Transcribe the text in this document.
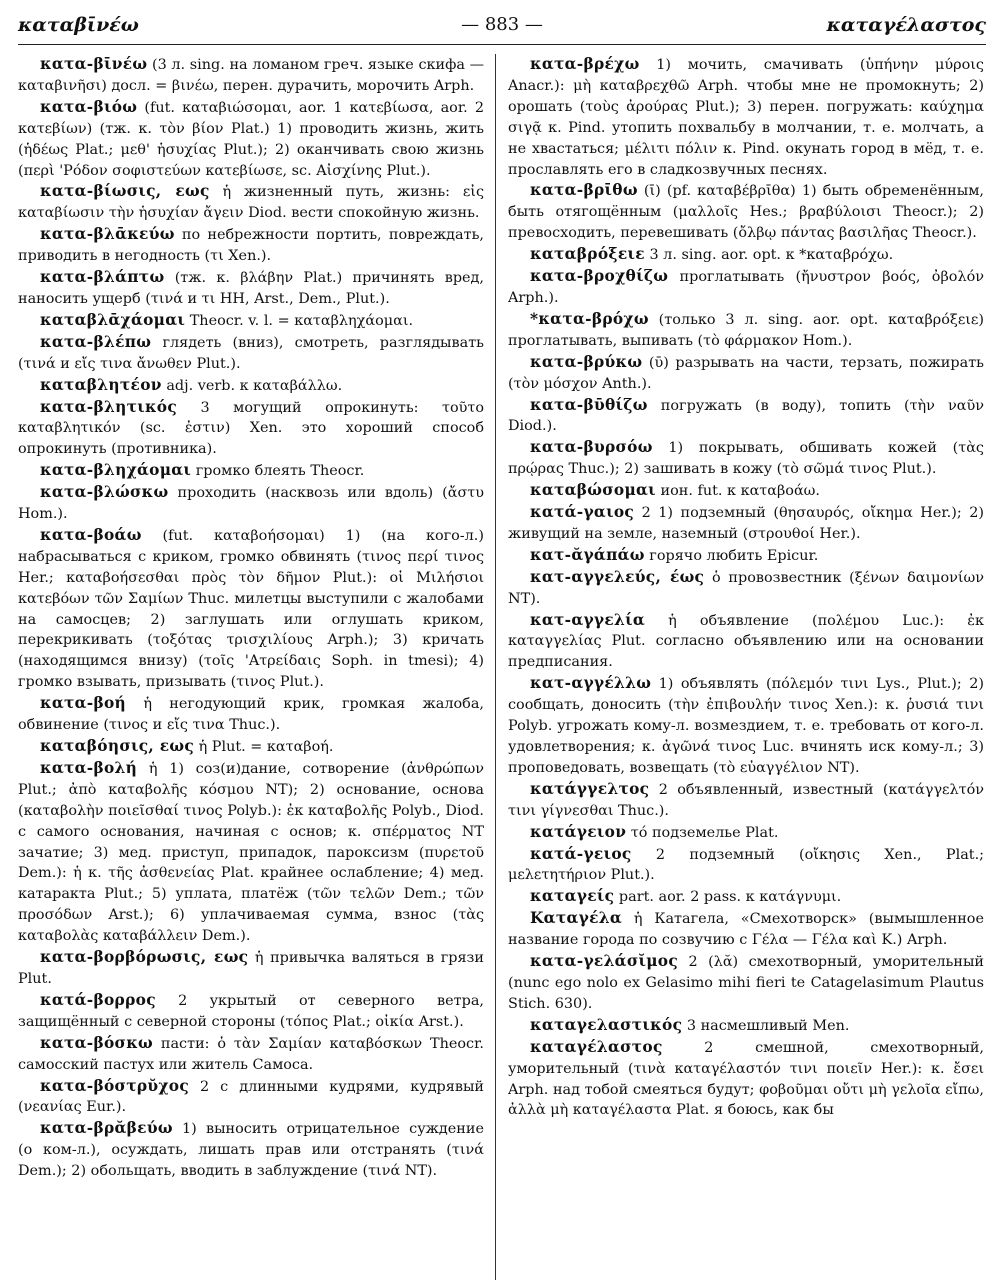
καταβῑνέω	— 883 —	καταγέλαστος

κατα-βῑνέω (3 л. sing. на ломаном греч. языке скифа — καταβινῆσι) досл. = βινέω, перен. дурачить, морочить Arph.

κατα-βιόω (fut. καταβιώσομαι, aor. 1 κατεβίωσα, aor. 2 κατεβίων) (тж. κ. τὸν βίον Plat.) 1) проводить жизнь, жить (ἡδέως Plat.; μεθ' ἡσυχίας Plut.); 2) оканчивать свою жизнь (περὶ 'Ρόδον σοφιστεύων κατεβίωσε, sc. Αἰσχίνης Plut.).

κατα-βίωσις, εως ἡ жизненный путь, жизнь: εἰς καταβίωσιν τὴν ἡσυχίαν ἄγειν Diod. вести спокойную жизнь.

κατα-βλᾱκεύω по небрежности портить, повреждать, приводить в негодность (τι Xen.).

κατα-βλάπτω (тж. κ. βλάβην Plat.) причинять вред, наносить ущерб (τινά и τι HH, Arst., Dem., Plut.).

καταβλᾱχάομαι Theocr. v. l. = καταβληχάομαι.

κατα-βλέπω глядеть (вниз), смотреть, разглядывать (τινά и εἴς τινα ἄνωθεν Plut.).

καταβλητέον adj. verb. к καταβάλλω.

κατα-βλητικός 3 могущий опрокинуть: τοῦτο καταβλητικόν (sc. ἐστιν) Xen. это хороший способ опрокинуть (противника).

κατα-βληχάομαι громко блеять Theocr.

κατα-βλώσκω проходить (насквозь или вдоль) (ἄστυ Hom.).

κατα-βοάω (fut. καταβοήσομαι) 1) (на кого-л.) набрасываться с криком, громко обвинять (τινος περί τινος Her.; καταβοήσεσθαι πρὸς τὸν δῆμον Plut.): οἱ Μιλήσιοι κατεβόων τῶν Σαμίων Thuc. милетцы выступили с жалобами на самосцев; 2) заглушать или оглушать криком, перекрикивать (τοξότας τρισχιλίους Arph.); 3) кричать (находящимся внизу) (τοῖς 'Ατρείδαις Soph. in tmesi); 4) громко взывать, призывать (τινος Plut.).

κατα-βοή ἡ негодующий крик, громкая жалоба, обвинение (τινος и εἴς τινα Thuc.).

καταβόησις, εως ἡ Plut. = καταβοή.

κατα-βολή ἡ 1) соз(и)дание, сотворение (ἀνθρώπων Plut.; ἀπὸ καταβολῆς κόσμου NT); 2) основание, основа (καταβολὴν ποιεῖσθαί τινος Polyb.): ἐκ καταβολῆς Polyb., Diod. с самого основания, начиная с основ; κ. σπέρματος NT зачатие; 3) мед. приступ, припадок, пароксизм (πυρετοῦ Dem.): ἡ κ. τῆς ἀσθενείας Plat. крайнее ослабление; 4) мед. катаракта Plut.; 5) уплата, платёж (τῶν τελῶν Dem.; τῶν προσόδων Arst.); 6) уплачиваемая сумма, взнос (τὰς καταβολὰς καταβάλλειν Dem.).

κατα-βορβόρωσις, εως ἡ привычка валяться в грязи Plut.

κατά-βορρος 2 укрытый от северного ветра, защищённый с северной стороны (τόπος Plat.; οἰκία Arst.).

κατα-βόσκω пасти: ὁ τὰν Σαμίαν καταβόσκων Theocr. самосский пастух или житель Самоса.

κατα-βόστρῠχος 2 с длинными кудрями, кудрявый (νεανίας Eur.).

κατα-βρᾰβεύω 1) выносить отрицательное суждение (о ком-л.), осуждать, лишать прав или отстранять (τινά Dem.); 2) обольщать, вводить в заблуждение (τινά NT).

κατα-βρέχω 1) мочить, смачивать (ὑπήνην μύροις Anacr.): μὴ καταβρεχθῶ Arph. чтобы мне не промокнуть; 2) орошать (τοὺς ἀρούρας Plut.); 3) перен. погружать: καύχημα σιγᾷ κ. Pind. утопить похвальбу в молчании, т. е. молчать, а не хвастаться; μέλιτι πόλιν κ. Pind. окунать город в мёд, т. е. прославлять его в сладкозвучных песнях.

κατα-βρῑθω (ῑ) (pf. καταβέβρῑθα) 1) быть обременённым, быть отягощённым (μαλλοῖς Hes.; βραβύλοισι Theocr.); 2) превосходить, перевешивать (ὄλβῳ πάντας βασιλῆας Theocr.).

καταβρόξειε 3 л. sing. aor. opt. к *καταβρόχω.

κατα-βροχθίζω проглатывать (ἤνυστρον βοός, ὀβολόν Arph.).

*κατα-βρόχω (только 3 л. sing. aor. opt. καταβρόξειε) проглатывать, выпивать (τὸ φάρμακον Hom.).

κατα-βρύκω (ῡ) разрывать на части, терзать, пожирать (τὸν μόσχον Anth.).

κατα-βῡθίζω погружать (в воду), топить (τὴν ναῦν Diod.).

κατα-βυρσόω 1) покрывать, обшивать кожей (τὰς πρῴρας Thuc.); 2) зашивать в кожу (τὸ σῶμά τινος Plut.).

καταβώσομαι ион. fut. к καταβοάω.

κατά-γαιος 2 1) подземный (θησαυρός, οἴκημα Her.); 2) живущий на земле, наземный (στρουθοί Her.).

κατ-ᾰγάπάω горячо любить Epicur.

κατ-αγγελεύς, έως ὁ провозвестник (ξένων δαιμονίων NT).

κατ-αγγελία ἡ объявление (πολέμου Luc.): ἐκ καταγγελίας Plut. согласно объявлению или на основании предписания.

κατ-αγγέλλω 1) объявлять (πόλεμόν τινι Lys., Plut.); 2) сообщать, доносить (τὴν ἐπιβουλήν τινος Xen.): κ. ῥυσιά τινι Polyb. угрожать кому-л. возмездием, т. е. требовать от кого-л. удовлетворения; κ. ἀγῶνά τινος Luc. вчинять иск кому-л.; 3) проповедовать, возвещать (τὸ εὐαγγέλιον NT).

κατάγγελτος 2 объявленный, известный (κατάγγελτόν τινι γίγνεσθαι Thuc.).

κατάγειον τό подземелье Plat.

κατά-γειος 2 подземный (οἴκησις Xen., Plat.; μελετητήριον Plut.).

καταγείς part. aor. 2 pass. к κατάγνυμι.

Καταγέλα ἡ Катагела, «Смехотворск» (вымышленное название города по созвучию с Γέλα — Γέλα καὶ Κ.) Arph.

κατα-γελάσῐμος 2 (λᾰ) смехотворный, уморительный (nunc ego nolo ex Gelasimo mihi fieri te Catagelasimum Plautus Stich. 630).

καταγελαστικός 3 насмешливый Men.

καταγέλαστος 2 смешной, смехотворный, уморительный (τινὰ καταγέλαστόν τινι ποιεῖν Her.): κ. ἔσει Arph. над тобой смеяться будут; φοβοῦμαι οὔτι μὴ γελοῖα εἴπω, ἀλλὰ μὴ καταγέλαστα Plat. я боюсь, как бы
